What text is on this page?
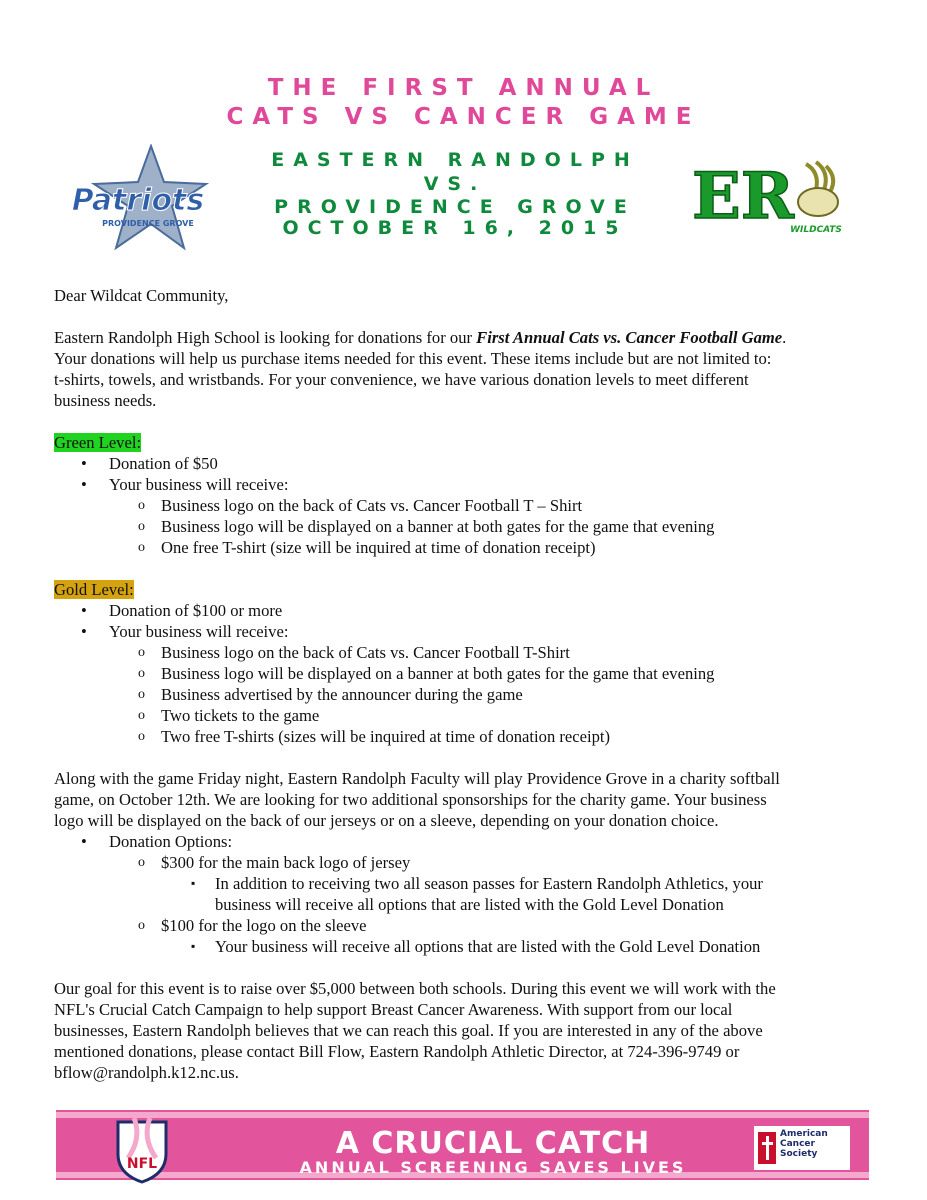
THE FIRST ANNUAL
CATS VS CANCER GAME
Patriots
PROVIDENCE GROVE
EASTERN RANDOLPH
VS.
PROVIDENCE GROVE
OCTOBER 16, 2015	ER
WILDCATS

Dear Wildcat Community,

Eastern Randolph High School is looking for donations for our First Annual Cats vs. Cancer Football Game.
Your donations will help us purchase items needed for this event. These items include but are not limited to:
t-shirts, towels, and wristbands. For your convenience, we have various donation levels to meet different
business needs.
Green Level:
• Donation of $50
• Your business will receive:
o Business logo on the back of Cats vs. Cancer Football T – Shirt
o Business logo will be displayed on a banner at both gates for the game that evening
o One free T-shirt (size will be inquired at time of donation receipt)
Gold Level:
• Donation of $100 or more
• Your business will receive:
o Business logo on the back of Cats vs. Cancer Football T-Shirt
o Business logo will be displayed on a banner at both gates for the game that evening
o Business advertised by the announcer during the game
o Two tickets to the game
o Two free T-shirts (sizes will be inquired at time of donation receipt)
Along with the game Friday night, Eastern Randolph Faculty will play Providence Grove in a charity softball
game, on October 12th. We are looking for two additional sponsorships for the charity game. Your business
logo will be displayed on the back of our jerseys or on a sleeve, depending on your donation choice.
• Donation Options:
o $300 for the main back logo of jersey
▪ In addition to receiving two all season passes for Eastern Randolph Athletics, your
business will receive all options that are listed with the Gold Level Donation
o $100 for the logo on the sleeve
▪ Your business will receive all options that are listed with the Gold Level Donation
Our goal for this event is to raise over $5,000 between both schools. During this event we will work with the
NFL's Crucial Catch Campaign to help support Breast Cancer Awareness. With support from our local
businesses, Eastern Randolph believes that we can reach this goal. If you are interested in any of the above
mentioned donations, please contact Bill Flow, Eastern Randolph Athletic Director, at 724-396-9749 or
bflow@randolph.k12.nc.us.
NFL
A CRUCIAL CATCH
ANNUAL SCREENING SAVES LIVES
American Cancer Society
